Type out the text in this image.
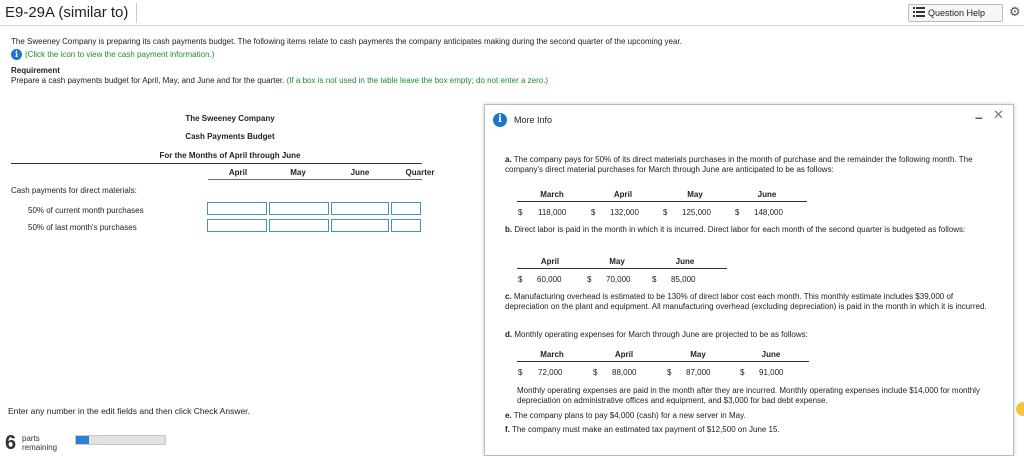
E9-29A (similar to)	Question Help ⚙
The Sweeney Company is preparing its cash payments budget. The following items relate to cash payments the company anticipates making during the second quarter of the upcoming year.
i (Click the icon to view the cash payment information.)
Requirement
Prepare a cash payments budget for April, May, and June and for the quarter. (If a box is not used in the table leave the box empty; do not enter a zero.)
The Sweeney Company
Cash Payments Budget
For the Months of April through June
April	May	June	Quarter
Cash payments for direct materials:
50% of current month purchases
50% of last month's purchases
Enter any number in the edit fields and then click Check Answer.
6 parts
remaining
i	More Info	– ✕
a. The company pays for 50% of its direct materials purchases in the month of purchase and the remainder the following month. The company's direct material purchases for March through June are anticipated to be as follows:
March	April	May	June
$ 118,000	$ 132,000	$ 125,000	$ 148,000
b. Direct labor is paid in the month in which it is incurred. Direct labor for each month of the second quarter is budgeted as follows:
April	May	June
$ 60,000	$ 70,000	$ 85,000
c. Manufacturing overhead is estimated to be 130% of direct labor cost each month. This monthly estimate includes $39,000 of depreciation on the plant and equipment. All manufacturing overhead (excluding depreciation) is paid in the month in which it is incurred.
d. Monthly operating expenses for March through June are projected to be as follows:
March	April	May	June
$ 72,000	$ 88,000	$ 87,000	$ 91,000
Monthly operating expenses are paid in the month after they are incurred. Monthly operating expenses include $14,000 for monthly depreciation on administrative offices and equipment, and $3,000 for bad debt expense.
e. The company plans to pay $4,000 (cash) for a new server in May.
f. The company must make an estimated tax payment of $12,500 on June 15.
